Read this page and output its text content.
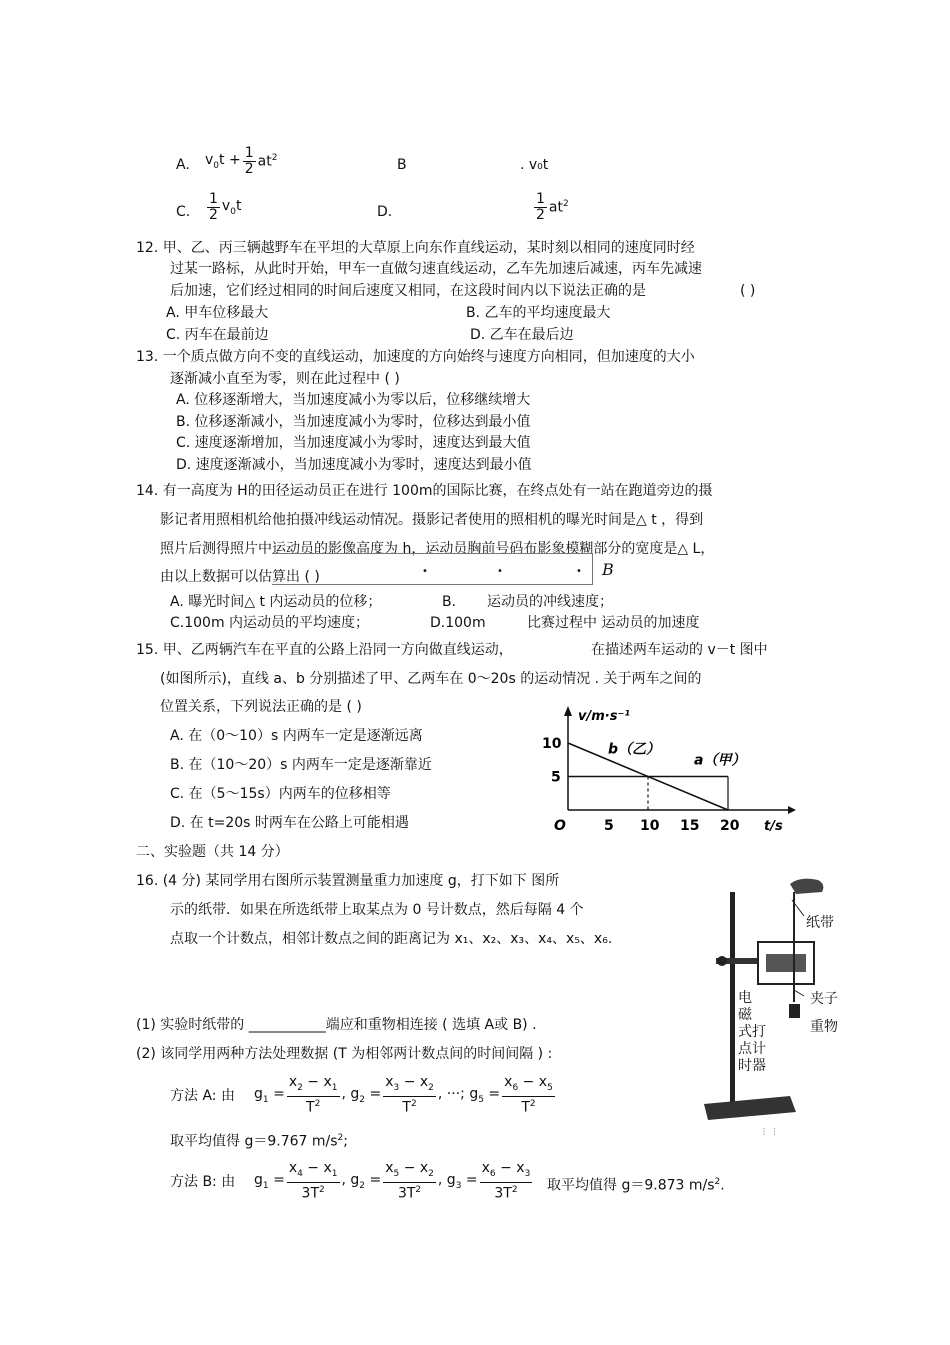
A. $v_0t + \frac{1}{2} at^2$	B	. v₀t
C. $\frac{1}{2} v_0t$	D.	$\frac{1}{2} at^2$
12. 甲、乙、丙三辆越野车在平坦的大草原上向东作直线运动，某时刻以相同的速度同时经
过某一路标，从此时开始，甲车一直做匀速直线运动，乙车先加速后减速，丙车先减速
后加速，它们经过相同的时间后速度又相同，在这段时间内以下说法正确的是	( )
A. 甲车位移最大	B. 乙车的平均速度最大
C. 丙车在最前边	D. 乙车在最后边
13. 一个质点做方向不变的直线运动，加速度的方向始终与速度方向相同，但加速度的大小
逐渐减小直至为零，则在此过程中 ( )
A. 位移逐渐增大，当加速度减小为零以后，位移继续增大
B. 位移逐渐减小，当加速度减小为零时，位移达到最小值
C. 速度逐渐增加，当加速度减小为零时，速度达到最大值
D. 速度逐渐减小，当加速度减小为零时，速度达到最小值
14. 有一高度为 H的田径运动员正在进行 100m的国际比赛，在终点处有一站在跑道旁边的摄
影记者用照相机给他拍摄冲线运动情况。摄影记者使用的照相机的曝光时间是△ t ，得到
照片后测得照片中运动员的影像高度为 h，运动员胸前号码布影象模糊部分的宽度是△ L，
由以上数据可以估算出 ( )	•	•	• B
A. 曝光时间△ t 内运动员的位移；	B. 运动员的冲线速度；
C.100m 内运动员的平均速度；	D.100m	比赛过程中 运动员的加速度
15. 甲、乙两辆汽车在平直的公路上沿同一方向做直线运动，	在描述两车运动的 v－t 图中
(如图所示)，直线 a、b 分别描述了甲、乙两车在 0～20s 的运动情况 . 关于两车之间的
位置关系，下列说法正确的是 ( )
A. 在（0～10）s 内两车一定是逐渐远离
B. 在（10～20）s 内两车一定是逐渐靠近
C. 在（5～15s）内两车的位移相等
D. 在 t=20s 时两车在公路上可能相遇
v/m·s⁻¹
t/s
O	5 10 15 20
5
10	b（乙）
a（甲）
二、实验题（共 14 分）
16. (4 分) 某同学用右图所示装置测量重力加速度 g，打下如下 图所
示的纸带．如果在所选纸带上取某点为 0 号计数点，然后每隔 4 个
点取一个计数点，相邻计数点之间的距离记为 x₁、x₂、x₃、x₄、x₅、x₆.
(1) 实验时纸带的 ___________端应和重物相连接 ( 选填 A或 B) .
(2) 该同学用两种方法处理数据 (T 为相邻两计数点间的时间间隔 ) :
方法 A: 由 $g_1 = \frac{x_2 - x_1}{T^2}$ , $g_2 = \frac{x_3 - x_2}{T^2}$ , ···; $g_5 = \frac{x_6 - x_5}{T^2}$
取平均值得 g＝9.767 $m/s^2$;
方法 B: 由 $g_1 = \frac{x_4 - x_1}{3T^2}$ , $g_2 = \frac{x_5 - x_2}{3T^2}$ , $g_3 = \frac{x_6 - x_3}{3T^2}$ 取平均值得 g＝9.873 $m/s^2$.
⋮ ⋮
纸带
夹子
重物
电
磁
式打
点计
时器
